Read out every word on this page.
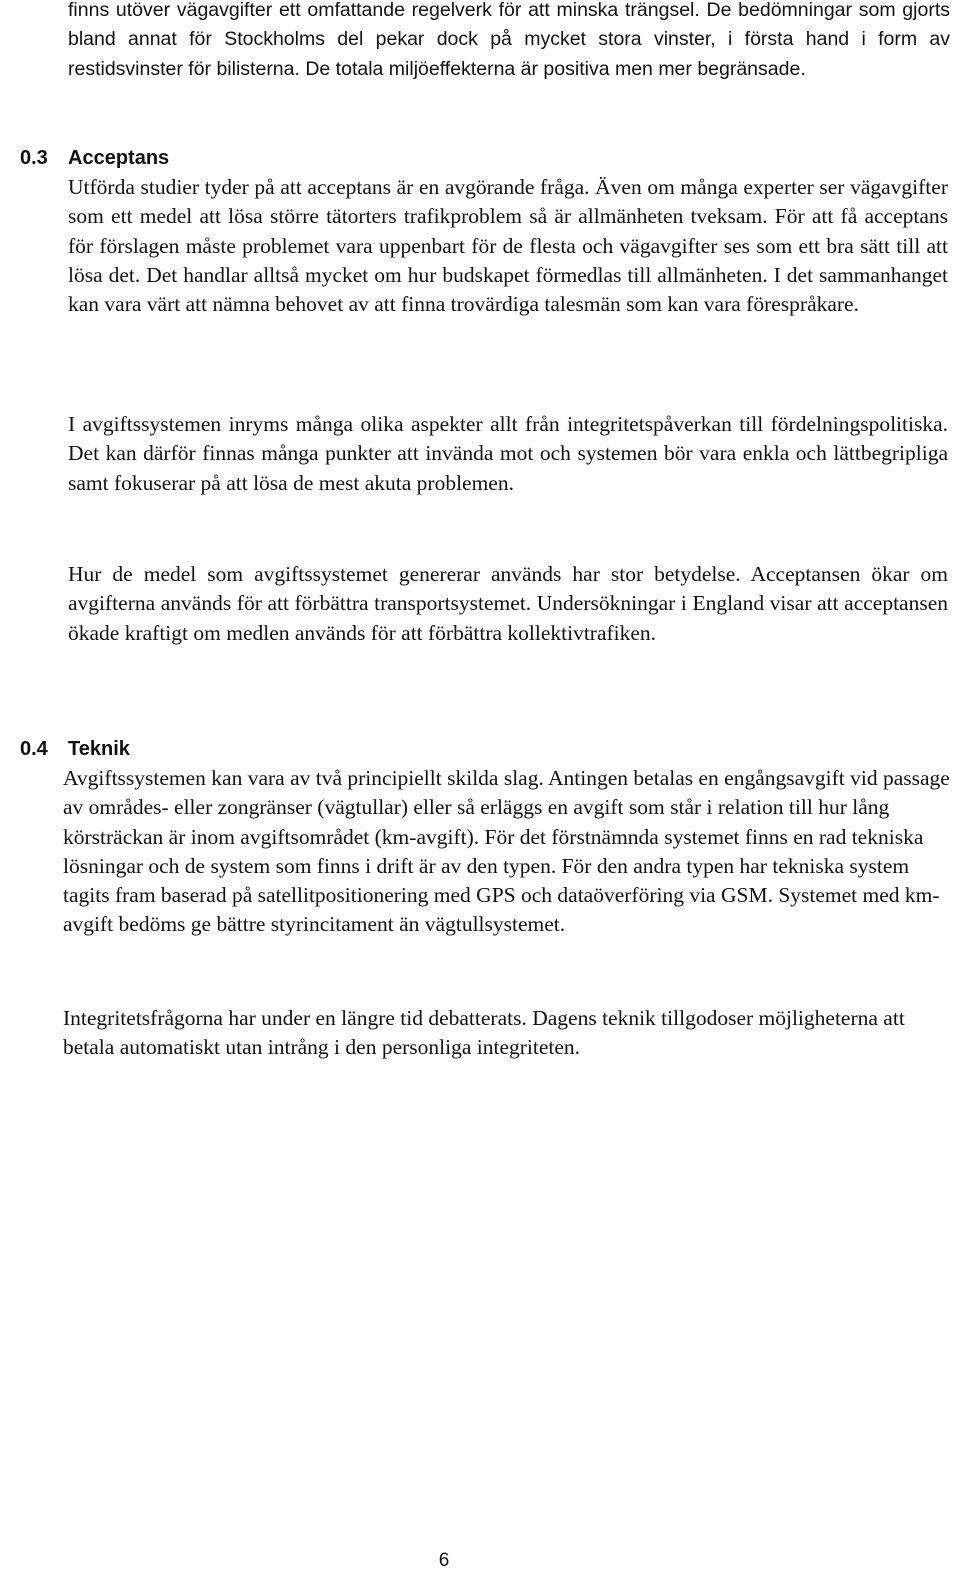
finns utöver vägavgifter ett omfattande regelverk för att minska trängsel. De bedömningar som gjorts bland annat för Stockholms del pekar dock på mycket stora vinster, i första hand i form av restidsvinster för bilisterna. De totala miljöeffekterna är positiva men mer begränsade.

0.3 Acceptans

Utförda studier tyder på att acceptans är en avgörande fråga. Även om många experter ser vägavgifter som ett medel att lösa större tätorters trafikproblem så är allmänheten tveksam. För att få acceptans för förslagen måste problemet vara uppenbart för de flesta och vägavgifter ses som ett bra sätt till att lösa det. Det handlar alltså mycket om hur budskapet förmedlas till allmänheten. I det sammanhanget kan vara värt att nämna behovet av att finna trovärdiga talesmän som kan vara förespråkare.

I avgiftssystemen inryms många olika aspekter allt från integritetspåverkan till fördelningspolitiska. Det kan därför finnas många punkter att invända mot och systemen bör vara enkla och lättbegripliga samt fokuserar på att lösa de mest akuta problemen.

Hur de medel som avgiftssystemet genererar används har stor betydelse. Acceptansen ökar om avgifterna används för att förbättra transportsystemet. Undersökningar i England visar att acceptansen ökade kraftigt om medlen används för att förbättra kollektivtrafiken.

0.4 Teknik

Avgiftssystemen kan vara av två principiellt skilda slag. Antingen betalas en engångsavgift vid passage av områdes- eller zongränser (vägtullar) eller så erläggs en avgift som står i relation till hur lång körsträckan är inom avgiftsområdet (km-avgift). För det förstnämnda systemet finns en rad tekniska lösningar och de system som finns i drift är av den typen. För den andra typen har tekniska system tagits fram baserad på satellitpositionering med GPS och dataöverföring via GSM. Systemet med km-avgift bedöms ge bättre styrincitament än vägtullsystemet.

Integritetsfrågorna har under en längre tid debatterats. Dagens teknik tillgodoser möjligheterna att betala automatiskt utan intrång i den personliga integriteten.

6
